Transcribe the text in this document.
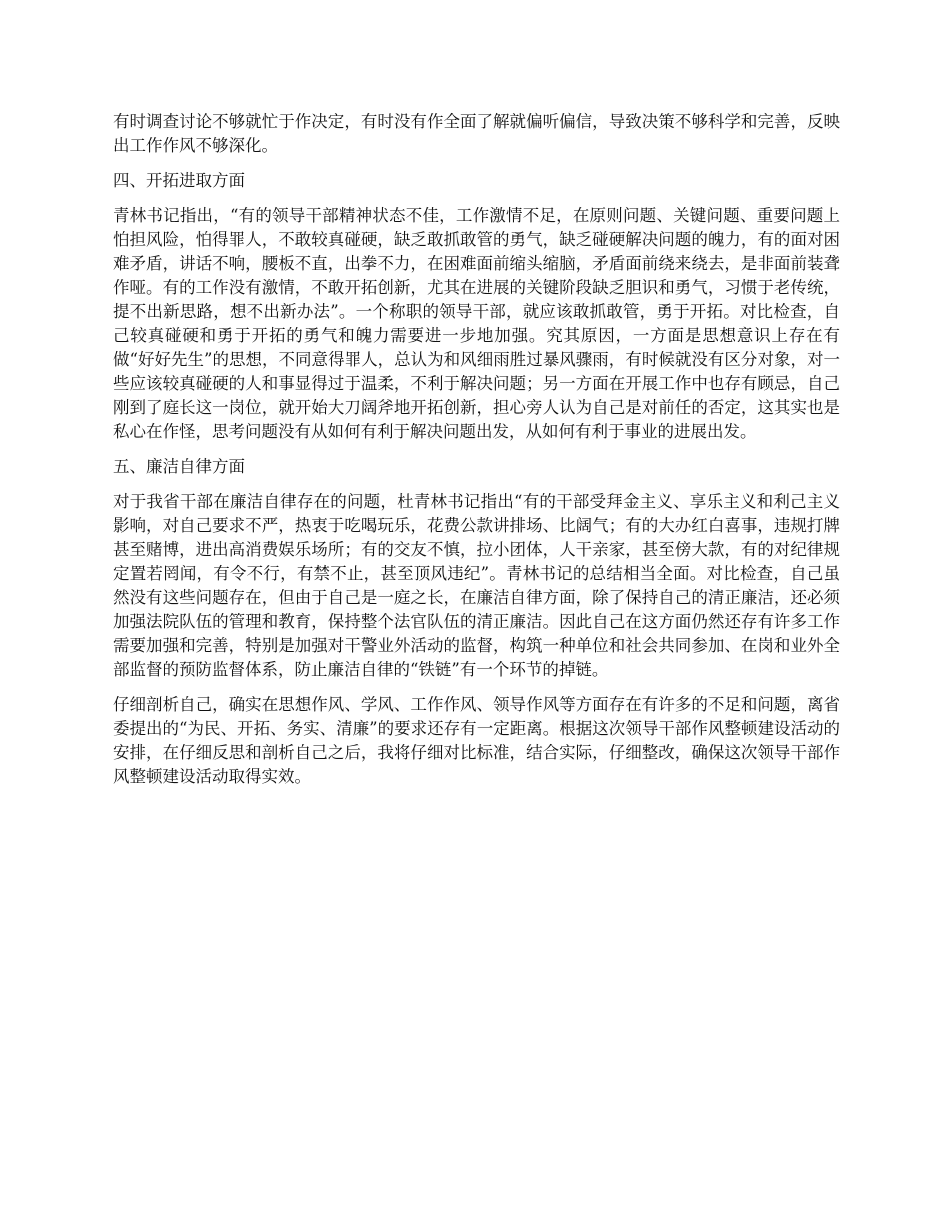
有时调查讨论不够就忙于作决定，有时没有作全面了解就偏听偏信，导致决策不够科学和完善，反映出工作作风不够深化。

四、开拓进取方面

青林书记指出，“有的领导干部精神状态不佳，工作激情不足，在原则问题、关键问题、重要问题上怕担风险，怕得罪人，不敢较真碰硬，缺乏敢抓敢管的勇气，缺乏碰硬解决问题的魄力，有的面对困难矛盾，讲话不响，腰板不直，出拳不力，在困难面前缩头缩脑，矛盾面前绕来绕去，是非面前装聋作哑。有的工作没有激情，不敢开拓创新，尤其在进展的关键阶段缺乏胆识和勇气，习惯于老传统，提不出新思路，想不出新办法”。一个称职的领导干部，就应该敢抓敢管，勇于开拓。对比检查，自己较真碰硬和勇于开拓的勇气和魄力需要进一步地加强。究其原因，一方面是思想意识上存在有做“好好先生”的思想，不同意得罪人，总认为和风细雨胜过暴风骤雨，有时候就没有区分对象，对一些应该较真碰硬的人和事显得过于温柔，不利于解决问题；另一方面在开展工作中也存有顾忌，自己刚到了庭长这一岗位，就开始大刀阔斧地开拓创新，担心旁人认为自己是对前任的否定，这其实也是私心在作怪，思考问题没有从如何有利于解决问题出发，从如何有利于事业的进展出发。

五、廉洁自律方面

对于我省干部在廉洁自律存在的问题，杜青林书记指出“有的干部受拜金主义、享乐主义和利己主义影响，对自己要求不严，热衷于吃喝玩乐，花费公款讲排场、比阔气；有的大办红白喜事，违规打牌甚至赌博，进出高消费娱乐场所；有的交友不慎，拉小团体，人干亲家，甚至傍大款，有的对纪律规定置若罔闻，有令不行，有禁不止，甚至顶风违纪”。青林书记的总结相当全面。对比检查，自己虽然没有这些问题存在，但由于自己是一庭之长，在廉洁自律方面，除了保持自己的清正廉洁，还必须加强法院队伍的管理和教育，保持整个法官队伍的清正廉洁。因此自己在这方面仍然还存有许多工作需要加强和完善，特别是加强对干警业外活动的监督，构筑一种单位和社会共同参加、在岗和业外全部监督的预防监督体系，防止廉洁自律的“铁链”有一个环节的掉链。

仔细剖析自己，确实在思想作风、学风、工作作风、领导作风等方面存在有许多的不足和问题，离省委提出的“为民、开拓、务实、清廉”的要求还存有一定距离。根据这次领导干部作风整顿建设活动的安排，在仔细反思和剖析自己之后，我将仔细对比标准，结合实际，仔细整改，确保这次领导干部作风整顿建设活动取得实效。
